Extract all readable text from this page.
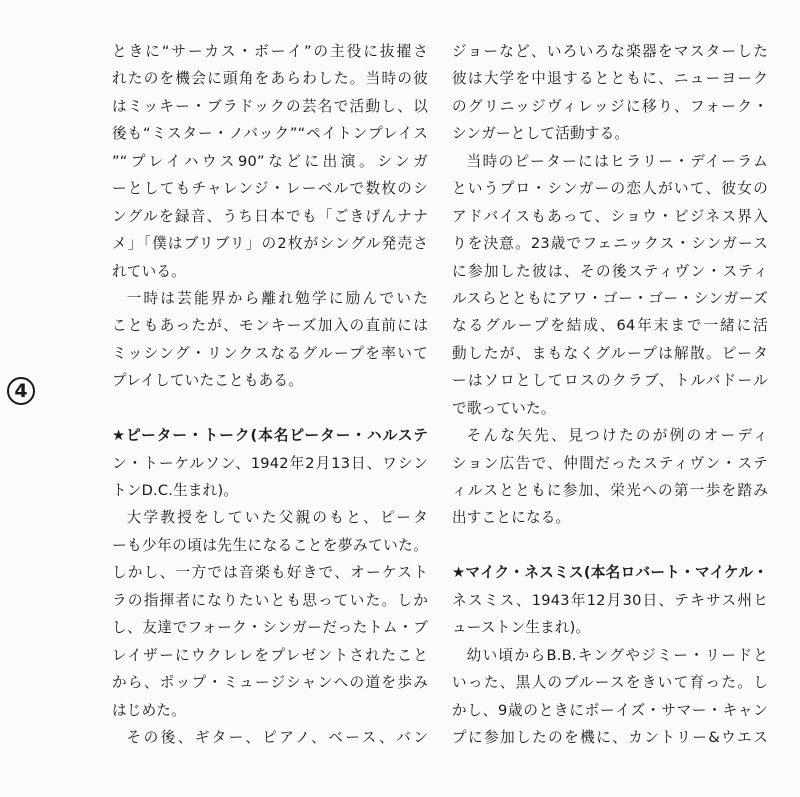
4
ときに“サーカス・ボーイ”の主役に抜擢さ
れたのを機会に頭角をあらわした。当時の彼
はミッキー・ブラドックの芸名で活動し、以
後も“ミスター・ノバック”“ペイトンプレイス
”“プレイハウス90”などに出演。シンガ
ーとしてもチャレンジ・レーベルで数枚のシ
ングルを録音、うち日本でも「ごきげんナナ
メ」「僕はブリブリ」の2枚がシングル発売さ
れている。
一時は芸能界から離れ勉学に励んでいた
こともあったが、モンキーズ加入の直前には
ミッシング・リンクスなるグループを率いて
プレイしていたこともある。
★ピーター・トーク(本名ピーター・ハルステ
ン・トーケルソン、1942年2月13日、ワシン
トンD.C.生まれ)。
大学教授をしていた父親のもと、ピータ
ーも少年の頃は先生になることを夢みていた。
しかし、一方では音楽も好きで、オーケスト
ラの指揮者になりたいとも思っていた。しか
し、友達でフォーク・シンガーだったトム・ブ
レイザーにウクレレをプレゼントされたこと
から、ポップ・ミュージシャンへの道を歩み
はじめた。
その後、ギター、ピアノ、ベース、バン
ジョーなど、いろいろな楽器をマスターした
彼は大学を中退するとともに、ニューヨーク
のグリニッジヴィレッジに移り、フォーク・
シンガーとして活動する。
当時のピーターにはヒラリー・デイーラム
というプロ・シンガーの恋人がいて、彼女の
アドバイスもあって、ショウ・ビジネス界入
りを決意。23歳でフェニックス・シンガース
に参加した彼は、その後スティヴン・スティ
ルスらとともにアワ・ゴー・ゴー・シンガーズ
なるグループを結成、64年末まで一緒に活
動したが、まもなくグループは解散。ピータ
ーはソロとしてロスのクラブ、トルバドール
で歌っていた。
そんな矢先、見つけたのが例のオーディ
ション広告で、仲間だったスティヴン・ステ
ィルスとともに参加、栄光への第一歩を踏み
出すことになる。
★マイク・ネスミス(本名ロバート・マイケル・
ネスミス、1943年12月30日、テキサス州ヒ
ューストン生まれ)。
幼い頃からB.B.キングやジミー・リードと
いった、黒人のブルースをきいて育った。し
かし、9歳のときにボーイズ・サマー・キャン
プに参加したのを機に、カントリー&ウエス
